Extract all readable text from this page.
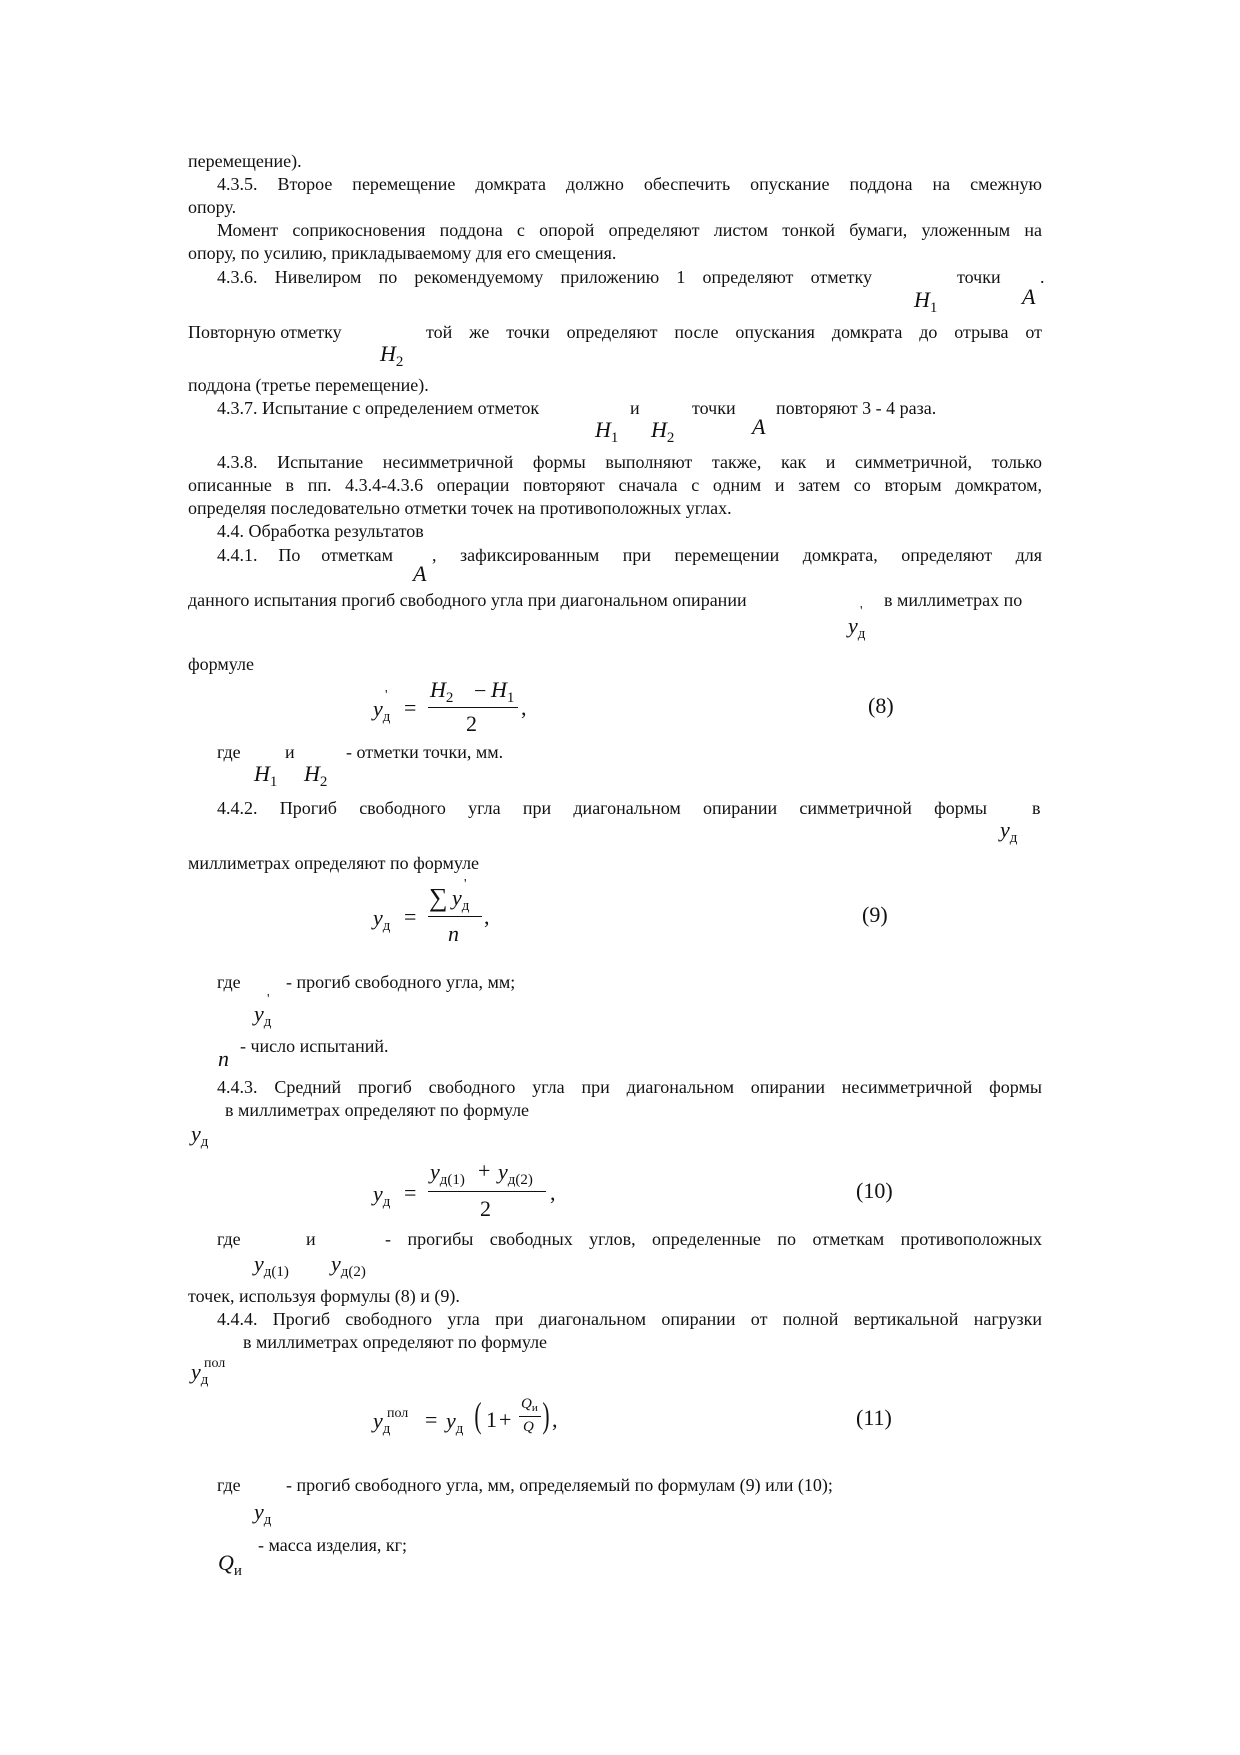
перемещение).
4.3.5. Второе перемещение домкрата должно обеспечить опускание поддона на смежную
опору.
Момент соприкосновения поддона с опорой определяют листом тонкой бумаги, уложенным на
опору, по усилию, прикладываемому для его смещения.
4.3.6. Нивелиром по рекомендуемому приложению 1 определяют отметку	точки .
$H_1$	A
Повторную отметку	той же точки определяют после опускания домкрата до отрыва от
$H_2$
поддона (третье перемещение).
4.3.7. Испытание с определением отметок	и	точки повторяют 3 - 4 раза.
$H_1$ $H_2$	A
4.3.8. Испытание несимметричной формы выполняют также, как и симметричной, только
описанные в пп. 4.3.4-4.3.6 операции повторяют сначала с одним и затем со вторым домкратом,
определяя последовательно отметки точек на противоположных углах.
4.4. Обработка результатов
4.4.1. По отметкам , зафиксированным при перемещении домкрата, определяют для
A
данного испытания прогиб свободного угла при диагональном опирании	в миллиметрах по
$y_д$
'
формуле
$y_д$
' =
$H_2 - H_1$
2
,	(8)
где и	- отметки точки, мм.
$H_1$ $H_2$
4.4.2. Прогиб свободного угла при диагональном опирании симметричной формы	в
$y_д$
миллиметрах определяют по формуле
$y_д$ =
∑ $y_д$
'
n
,	(9)
где	- прогиб свободного угла, мм;
$y_д$
'
- число испытаний.
n
4.4.3. Средний прогиб свободного угла при диагональном опирании несимметричной формы
в миллиметрах определяют по формуле
$y_д$
$y_д$ =
$y_{д(1)} + y_{д(2)}$
2
,	(10)
где	и	- прогибы свободных углов, определенные по отметкам противоположных
$y_{д(1)}$ $y_{д(2)}$
точек, используя формулы (8) и (9).
4.4.4. Прогиб свободного угла при диагональном опирании от полной вертикальной нагрузки
в миллиметрах определяют по формуле
$y_д$
пол
$y_д$
пол = $y_д$ ( 1 +
$Q_и$
Q ) ,	(11)
где	- прогиб свободного угла, мм, определяемый по формулам (9) или (10);
$y_д$
- масса изделия, кг;
$Q_и$
